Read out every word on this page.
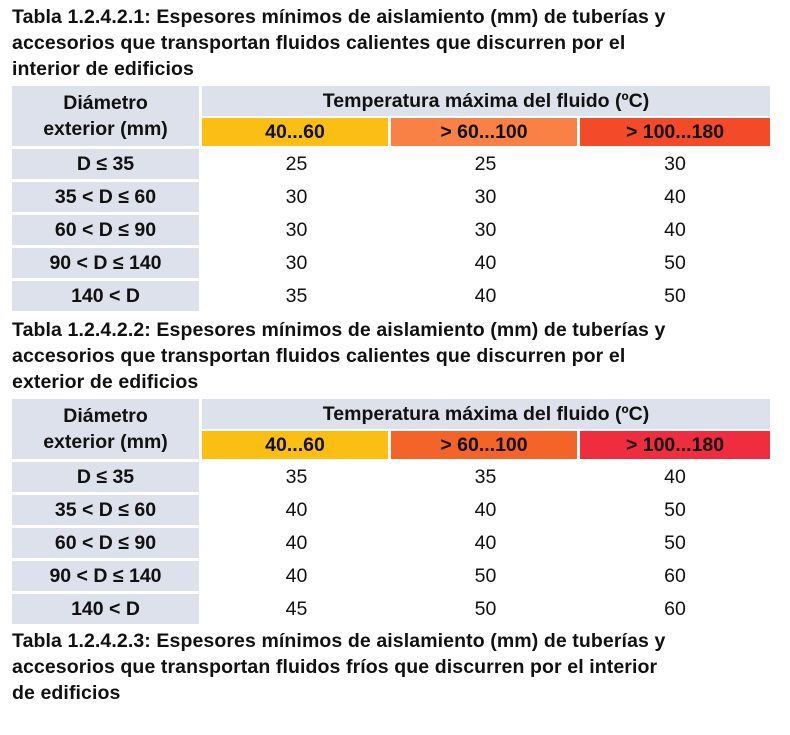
Tabla 1.2.4.2.1: Espesores mínimos de aislamiento (mm) de tuberías y
accesorios que transportan fluidos calientes que discurren por el
interior de edificios

Diámetro
exterior (mm)	Temperatura máxima del fluido (ºC)		
	40...60	> 60...100	> 100...180
D ≤ 35	25	25	30
35 < D ≤ 60	30	30	40
60 < D ≤ 90	30	30	40
90 < D ≤ 140	30	40	50
140 < D	35	40	50

Tabla 1.2.4.2.2: Espesores mínimos de aislamiento (mm) de tuberías y
accesorios que transportan fluidos calientes que discurren por el
exterior de edificios

Diámetro
exterior (mm)	Temperatura máxima del fluido (ºC)		
	40...60	> 60...100	> 100...180
D ≤ 35	35	35	40
35 < D ≤ 60	40	40	50
60 < D ≤ 90	40	40	50
90 < D ≤ 140	40	50	60
140 < D	45	50	60

Tabla 1.2.4.2.3: Espesores mínimos de aislamiento (mm) de tuberías y
accesorios que transportan fluidos fríos que discurren por el interior
de edificios
